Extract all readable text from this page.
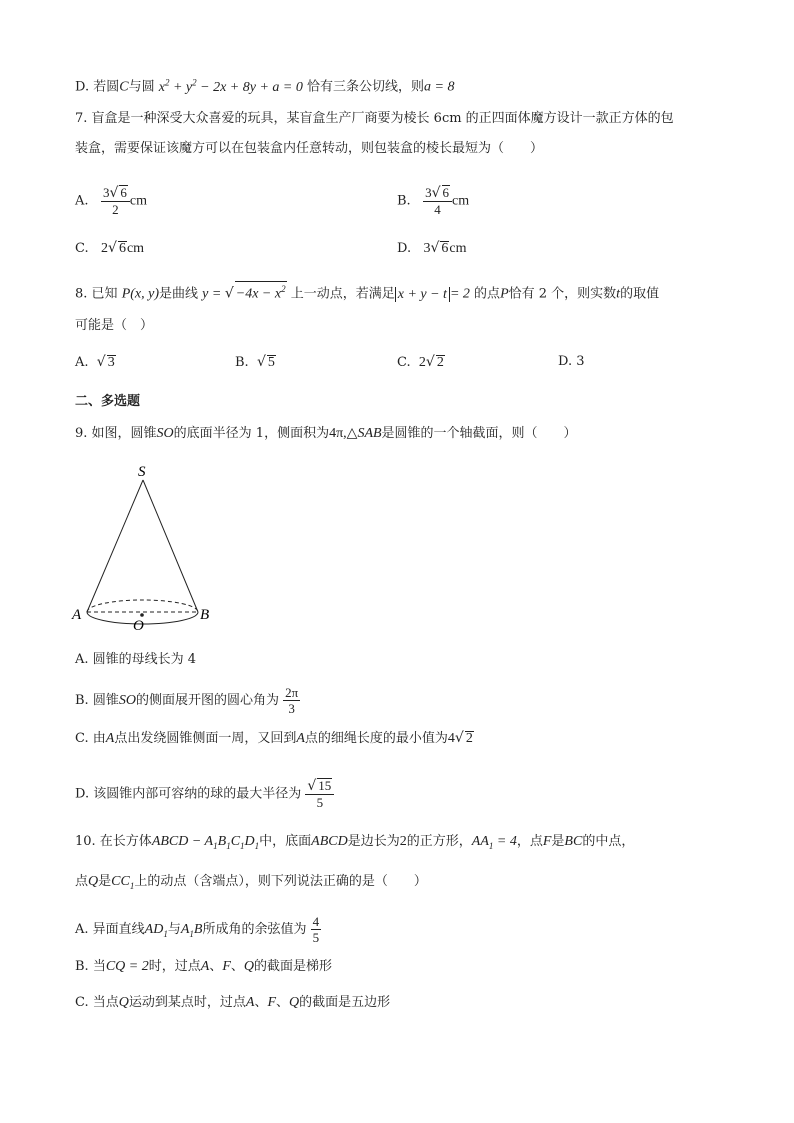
D. 若圆C与圆 $x^2 + y^2 - 2x + 8y + a = 0$ 恰有三条公切线，则a = 8
7. 盲盒是一种深受大众喜爱的玩具，某盲盒生产厂商要为棱长 6cm 的正四面体魔方设计一款正方体的包
装盒，需要保证该魔方可以在包装盒内任意转动，则包装盒的棱长最短为（　　）
A. $\frac{3√ 6}{2}$ cm	B. $\frac{3√ 6}{4}$ cm
C. 2√ 6cm	D. 3√ 6cm
8. 已知 P(x, y)是曲线 y = √ $-4x - x^2$ 上一动点，若满足 x + y − t = 2 的点P恰有 2 个，则实数t的取值
可能是（　）
A. √ 3	B. √ 5	C. 2√ 2	D. 3
二、多选题
9. 如图，圆锥SO的底面半径为 1，侧面积为4π,△SAB是圆锥的一个轴截面，则（　　）
S
A	B
O
A. 圆锥的母线长为 4
B. 圆锥SO的侧面展开图的圆心角为 $\frac{2\pi}{3}$
C. 由A点出发绕圆锥侧面一周，又回到A点的细绳长度的最小值为4√ 2
D. 该圆锥内部可容纳的球的最大半径为 $\frac{√ 15}{5}$
10. 在长方体ABCD − $A_1B_1C_1D_1$中，底面ABCD是边长为2的正方形，$AA_1 = 4$，点F是BC的中点，
点Q是$CC_1$上的动点（含端点），则下列说法正确的是（　　）
A. 异面直线$AD_1$与$A_1B$所成角的余弦值为 $\frac{4}{5}$
B. 当CQ = 2时，过点A、F、Q的截面是梯形
C. 当点Q运动到某点时，过点A、F、Q的截面是五边形
